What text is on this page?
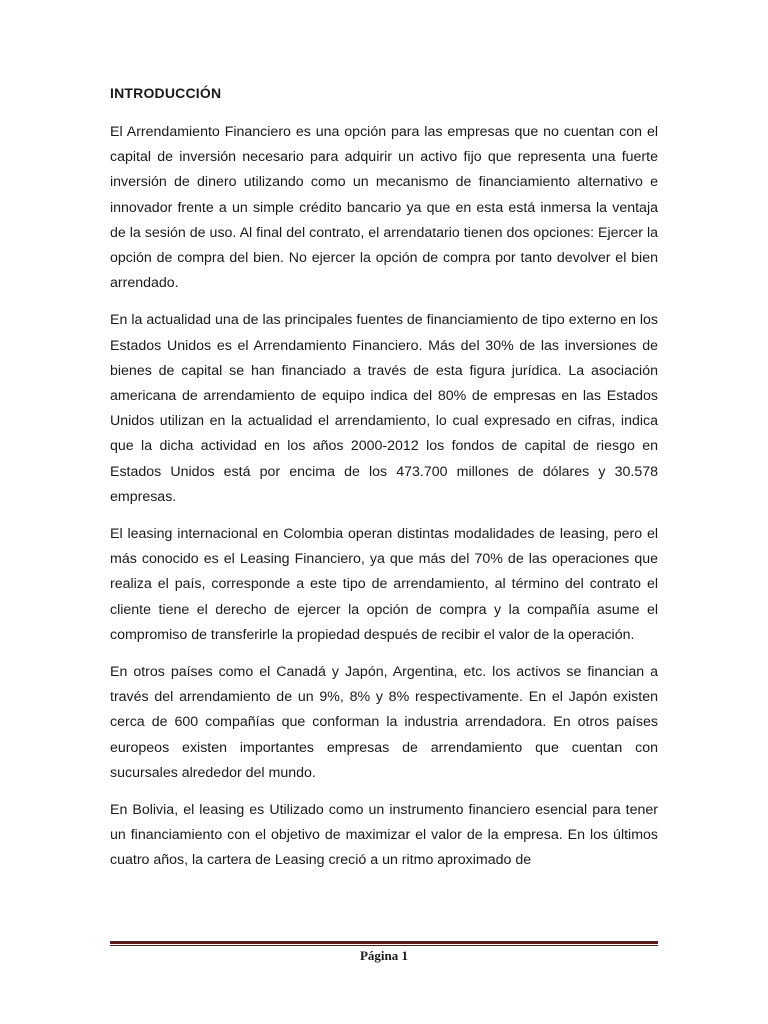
INTRODUCCIÓN

El Arrendamiento Financiero es una opción para las empresas que no cuentan con el capital de inversión necesario para adquirir un activo fijo que representa una fuerte inversión de dinero utilizando como un mecanismo de financiamiento alternativo e innovador frente a un simple crédito bancario ya que en esta está inmersa la ventaja de la sesión de uso. Al final del contrato, el arrendatario tienen dos opciones: Ejercer la opción de compra del bien. No ejercer la opción de compra por tanto devolver el bien arrendado.

En la actualidad una de las principales fuentes de financiamiento de tipo externo en los Estados Unidos es el Arrendamiento Financiero. Más del 30% de las inversiones de bienes de capital se han financiado a través de esta figura jurídica. La asociación americana de arrendamiento de equipo indica del 80% de empresas en las Estados Unidos utilizan en la actualidad el arrendamiento, lo cual expresado en cifras, indica que la dicha actividad en los años 2000-2012 los fondos de capital de riesgo en Estados Unidos está por encima de los 473.700 millones de dólares y 30.578 empresas.

El leasing internacional en Colombia operan distintas modalidades de leasing, pero el más conocido es el Leasing Financiero, ya que más del 70% de las operaciones que realiza el país, corresponde a este tipo de arrendamiento, al término del contrato el cliente tiene el derecho de ejercer la opción de compra y la compañía asume el compromiso de transferirle la propiedad después de recibir el valor de la operación.

En otros países como el Canadá y Japón, Argentina, etc. los activos se financian a través del arrendamiento de un 9%, 8% y 8% respectivamente. En el Japón existen cerca de 600 compañías que conforman la industria arrendadora. En otros países europeos existen importantes empresas de arrendamiento que cuentan con sucursales alrededor del mundo.

En Bolivia, el leasing es Utilizado como un instrumento financiero esencial para tener un financiamiento con el objetivo de maximizar el valor de la empresa. En los últimos cuatro años, la cartera de Leasing creció a un ritmo aproximado de

Página 1
